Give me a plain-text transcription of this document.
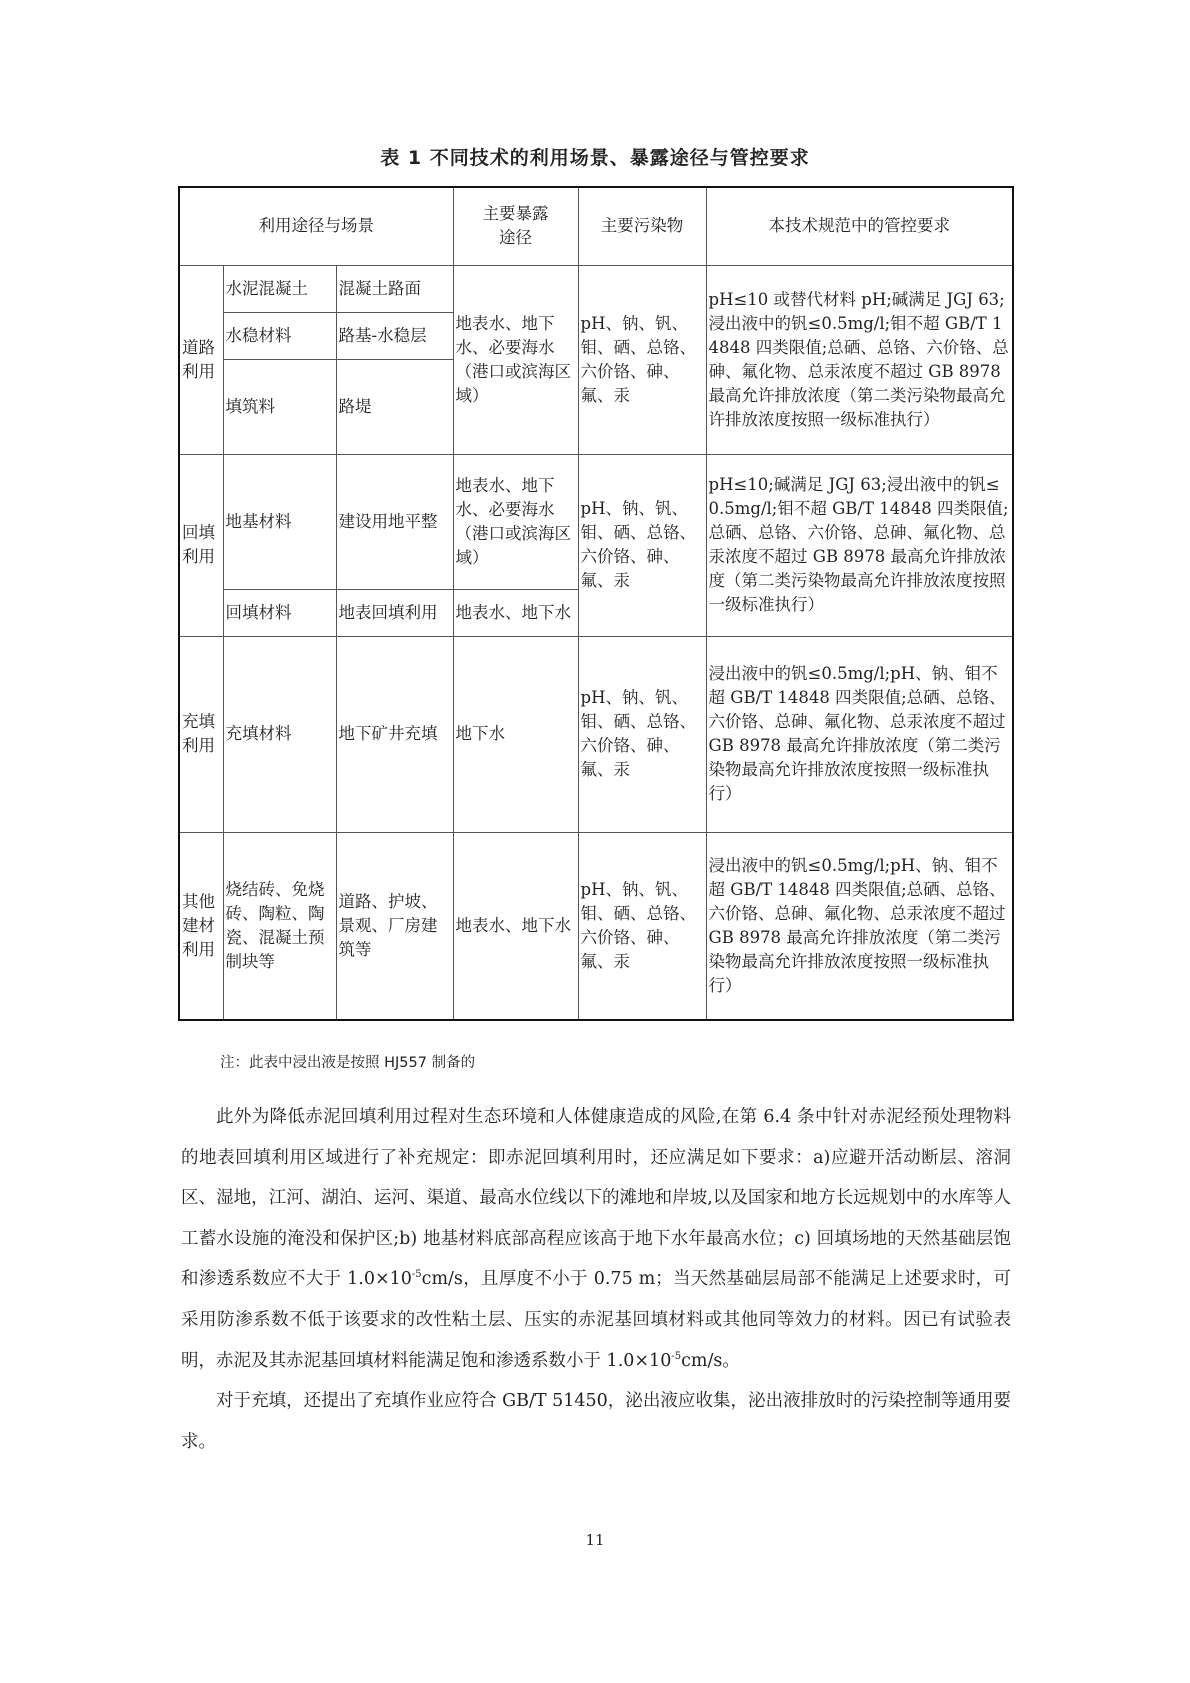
表 1 不同技术的利用场景、暴露途径与管控要求
利用途径与场景			主要暴露途径	主要污染物	本技术规范中的管控要求
道路利用	水泥混凝土	混凝土路面	地表水、地下水、必要海水（港口或滨海区域）	pH、钠、钒、钼、硒、总铬、六价铬、砷、氟、汞	pH≤10 或替代材料 pH;碱满足 JGJ 63;浸出液中的钒≤0.5mg/l;钼不超 GB/T 14848 四类限值;总硒、总铬、六价铬、总砷、氟化物、总汞浓度不超过 GB 8978 最高允许排放浓度（第二类污染物最高允许排放浓度按照一级标准执行）
	水稳材料	路基-水稳层			
	填筑料	路堤			
回填利用	地基材料	建设用地平整	地表水、地下水、必要海水（港口或滨海区域）	pH、钠、钒、钼、硒、总铬、六价铬、砷、氟、汞	pH≤10;碱满足 JGJ 63;浸出液中的钒≤0.5mg/l;钼不超 GB/T 14848 四类限值;总硒、总铬、六价铬、总砷、氟化物、总汞浓度不超过 GB 8978 最高允许排放浓度（第二类污染物最高允许排放浓度按照一级标准执行）
	回填材料	地表回填利用	地表水、地下水		
充填利用	充填材料	地下矿井充填	地下水	pH、钠、钒、钼、硒、总铬、六价铬、砷、氟、汞	浸出液中的钒≤0.5mg/l;pH、钠、钼不超 GB/T 14848 四类限值;总硒、总铬、六价铬、总砷、氟化物、总汞浓度不超过 GB 8978 最高允许排放浓度（第二类污染物最高允许排放浓度按照一级标准执行）
其他建材利用	烧结砖、免烧砖、陶粒、陶瓷、混凝土预制块等	道路、护坡、景观、厂房建筑等	地表水、地下水	pH、钠、钒、钼、硒、总铬、六价铬、砷、氟、汞	浸出液中的钒≤0.5mg/l;pH、钠、钼不超 GB/T 14848 四类限值;总硒、总铬、六价铬、总砷、氟化物、总汞浓度不超过 GB 8978 最高允许排放浓度（第二类污染物最高允许排放浓度按照一级标准执行）
注：此表中浸出液是按照 HJ557 制备的

此外为降低赤泥回填利用过程对生态环境和人体健康造成的风险,在第 6.4 条中针对赤泥经预处理物料的地表回填利用区域进行了补充规定：即赤泥回填利用时，还应满足如下要求：a)应避开活动断层、溶洞区、湿地，江河、湖泊、运河、渠道、最高水位线以下的滩地和岸坡,以及国家和地方长远规划中的水库等人工蓄水设施的淹没和保护区;b) 地基材料底部高程应该高于地下水年最高水位；c) 回填场地的天然基础层饱和渗透系数应不大于 $1.0\times 10^{-5}cm/s$，且厚度不小于 0.75 m；当天然基础层局部不能满足上述要求时，可采用防渗系数不低于该要求的改性粘土层、压实的赤泥基回填材料或其他同等效力的材料。因已有试验表明，赤泥及其赤泥基回填材料能满足饱和渗透系数小于 $1.0\times 10^{-5}cm/s$。

对于充填，还提出了充填作业应符合 GB/T 51450，泌出液应收集，泌出液排放时的污染控制等通用要求。

11
